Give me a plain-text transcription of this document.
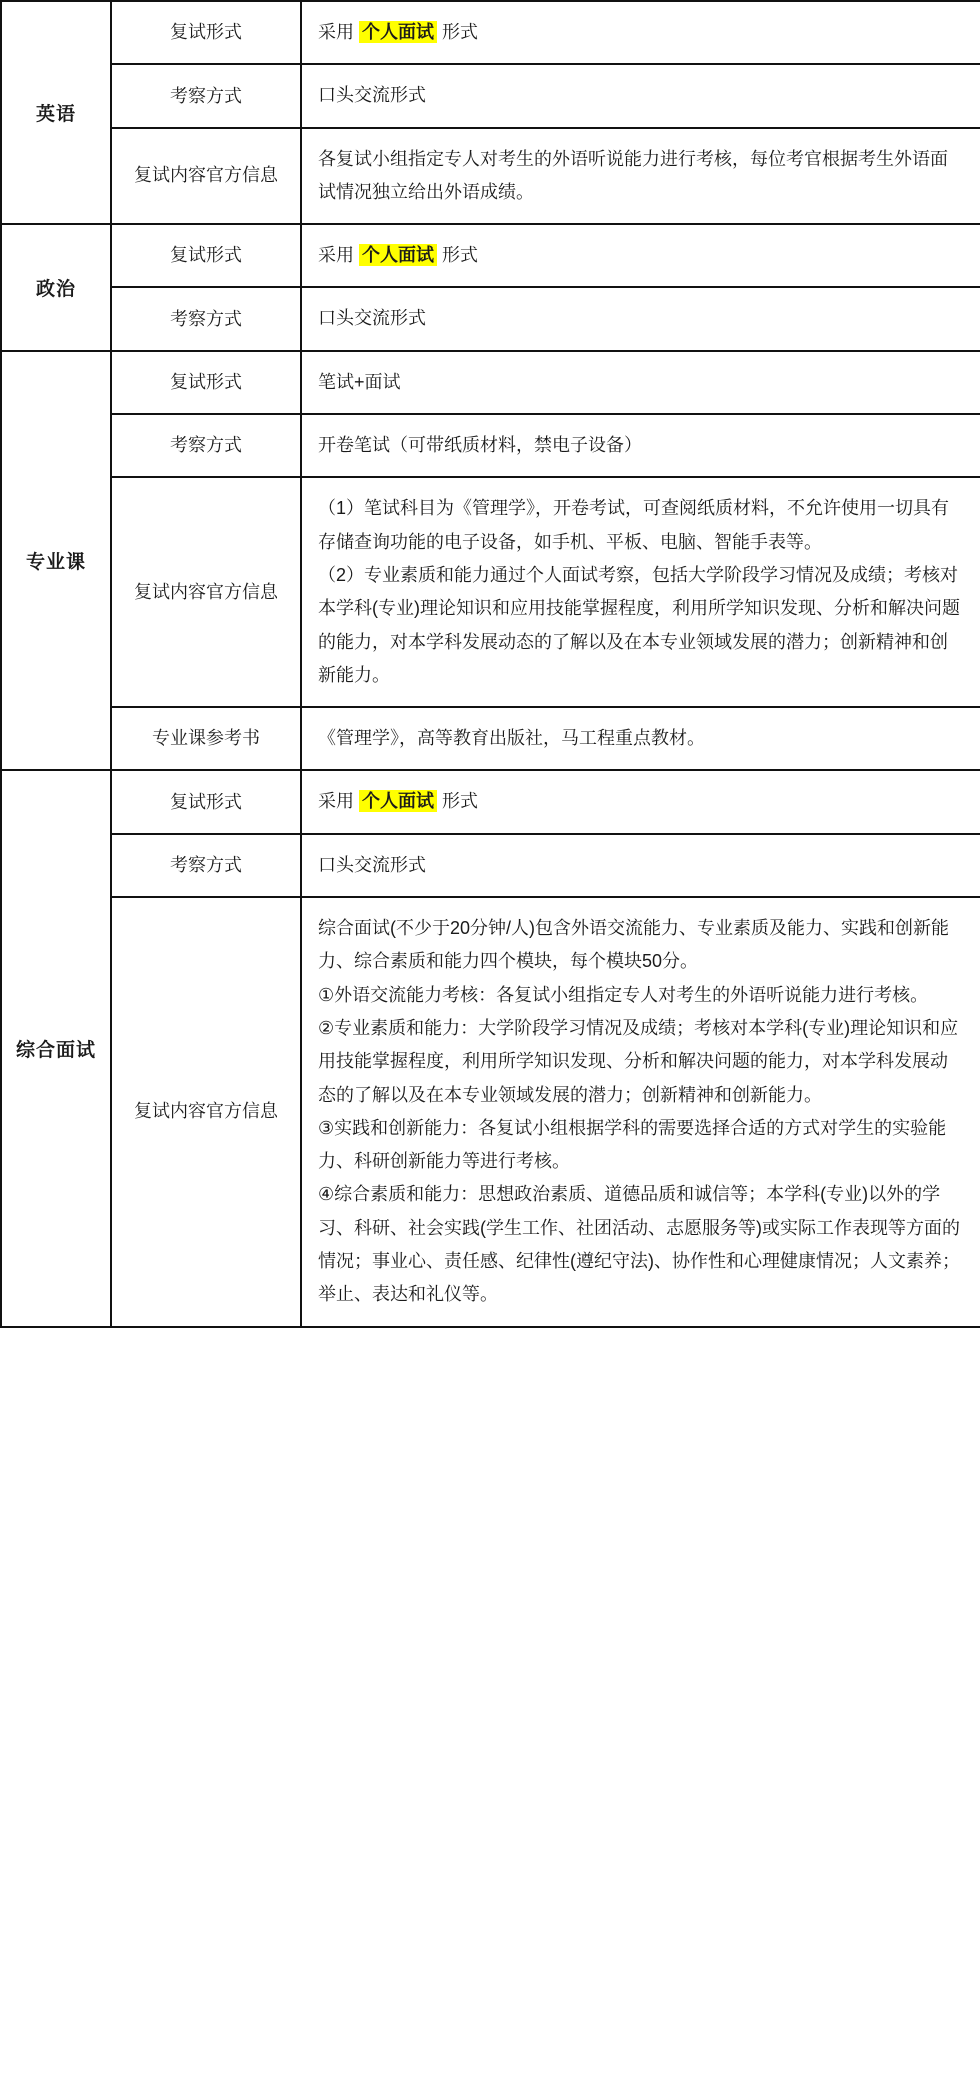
英语	复试形式	采用 个人面试 形式
	考察方式	口头交流形式
	复试内容官方信息	各复试小组指定专人对考生的外语听说能力进行考核，每位考官根据考生外语面试情况独立给出外语成绩。
政治	复试形式	采用 个人面试 形式
	考察方式	口头交流形式
专业课	复试形式	笔试+面试
	考察方式	开卷笔试（可带纸质材料，禁电子设备）
	复试内容官方信息	（1）笔试科目为《管理学》，开卷考试，可查阅纸质材料，不允许使用一切具有存储查询功能的电子设备，如手机、平板、电脑、智能手表等。

（2）专业素质和能力通过个人面试考察，包括大学阶段学习情况及成绩；考核对本学科(专业)理论知识和应用技能掌握程度，利用所学知识发现、分析和解决问题的能力，对本学科发展动态的了解以及在本专业领域发展的潜力；创新精神和创新能力。

	专业课参考书	《管理学》，高等教育出版社，马工程重点教材。
综合面试	复试形式	采用 个人面试 形式
	考察方式	口头交流形式
	复试内容官方信息	综合面试(不少于20分钟/人)包含外语交流能力、专业素质及能力、实践和创新能力、综合素质和能力四个模块，每个模块50分。

①外语交流能力考核：各复试小组指定专人对考生的外语听说能力进行考核。

②专业素质和能力：大学阶段学习情况及成绩；考核对本学科(专业)理论知识和应用技能掌握程度，利用所学知识发现、分析和解决问题的能力，对本学科发展动态的了解以及在本专业领域发展的潜力；创新精神和创新能力。

③实践和创新能力：各复试小组根据学科的需要选择合适的方式对学生的实验能力、科研创新能力等进行考核。

④综合素质和能力：思想政治素质、道德品质和诚信等；本学科(专业)以外的学习、科研、社会实践(学生工作、社团活动、志愿服务等)或实际工作表现等方面的情况；事业心、责任感、纪律性(遵纪守法)、协作性和心理健康情况；人文素养；举止、表达和礼仪等。
